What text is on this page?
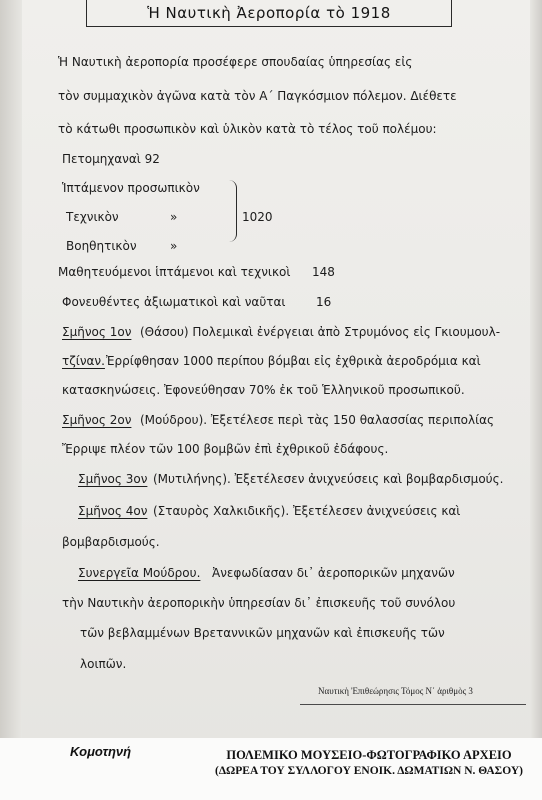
Ἡ Ναυτικὴ Ἀεροπορία τὸ 1918
Ἡ Ναυτικὴ ἀεροπορία προσέφερε σπουδαίας ὑπηρεσίας εἰς
τὸν συμμαχικὸν ἀγῶνα κατὰ τὸν Α΄ Παγκόσμιον πόλεμον. Διέθετε
τὸ κάτωθι προσωπικὸν καὶ ὑλικὸν κατὰ τὸ τέλος τοῦ πολέμου:
Πετομηχαναὶ 92
Ἱπτάμενον προσωπικὸν
Τεχνικὸν	»
Βοηθητικὸν	»
1020
Μαθητευόμενοι ἱπτάμενοι καὶ τεχνικοὶ 148
Φονευθέντες ἀξιωματικοὶ καὶ ναῦται	16
Σμῆνος 1ον (Θάσου) Πολεμικαὶ ἐνέργειαι ἀπὸ Στρυμόνος εἰς Γκιουμουλ-
τζίναν. Ἐρρίφθησαν 1000 περίπου βόμβαι εἰς ἐχθρικὰ ἀεροδρόμια καὶ
κατασκηνώσεις. Ἐφονεύθησαν 70% ἐκ τοῦ Ἑλληνικοῦ προσωπικοῦ.
Σμῆνος 2ον (Μούδρου). Ἐξετέλεσε περὶ τὰς 150 θαλασσίας περιπολίας
Ἔρριψε πλέον τῶν 100 βομβῶν ἐπὶ ἐχθρικοῦ ἐδάφους.
Σμῆνος 3ον (Μυτιλήνης). Ἐξετέλεσεν ἀνιχνεύσεις καὶ βομβαρδισμούς.
Σμῆνος 4ον (Σταυρὸς Χαλκιδικῆς). Ἐξετέλεσεν ἀνιχνεύσεις καὶ
βομβαρδισμούς.
Συνεργεῖα Μούδρου. Ἀνεφωδίασαν δι᾽ ἀεροπορικῶν μηχανῶν
τὴν Ναυτικὴν ἀεροπορικὴν ὑπηρεσίαν δι᾽ ἐπισκευῆς τοῦ συνόλου
τῶν βεβλαμμένων Βρεταννικῶν μηχανῶν καὶ ἐπισκευῆς τῶν
λοιπῶν.
Ναυτικὴ Ἐπιθεώρησις Τόμος Ν΄ ἀριθμὸς 3
Κομοτηνή	ΠΟΛΕΜΙΚΟ ΜΟΥΣΕΙΟ-ΦΩΤΟΓΡΑΦΙΚΟ ΑΡΧΕΙΟ
(ΔΩΡΕΑ ΤΟΥ ΣΥΛΛΟΓΟΥ ΕΝΟΙΚ. ΔΩΜΑΤΙΩΝ Ν. ΘΑΣΟΥ)
